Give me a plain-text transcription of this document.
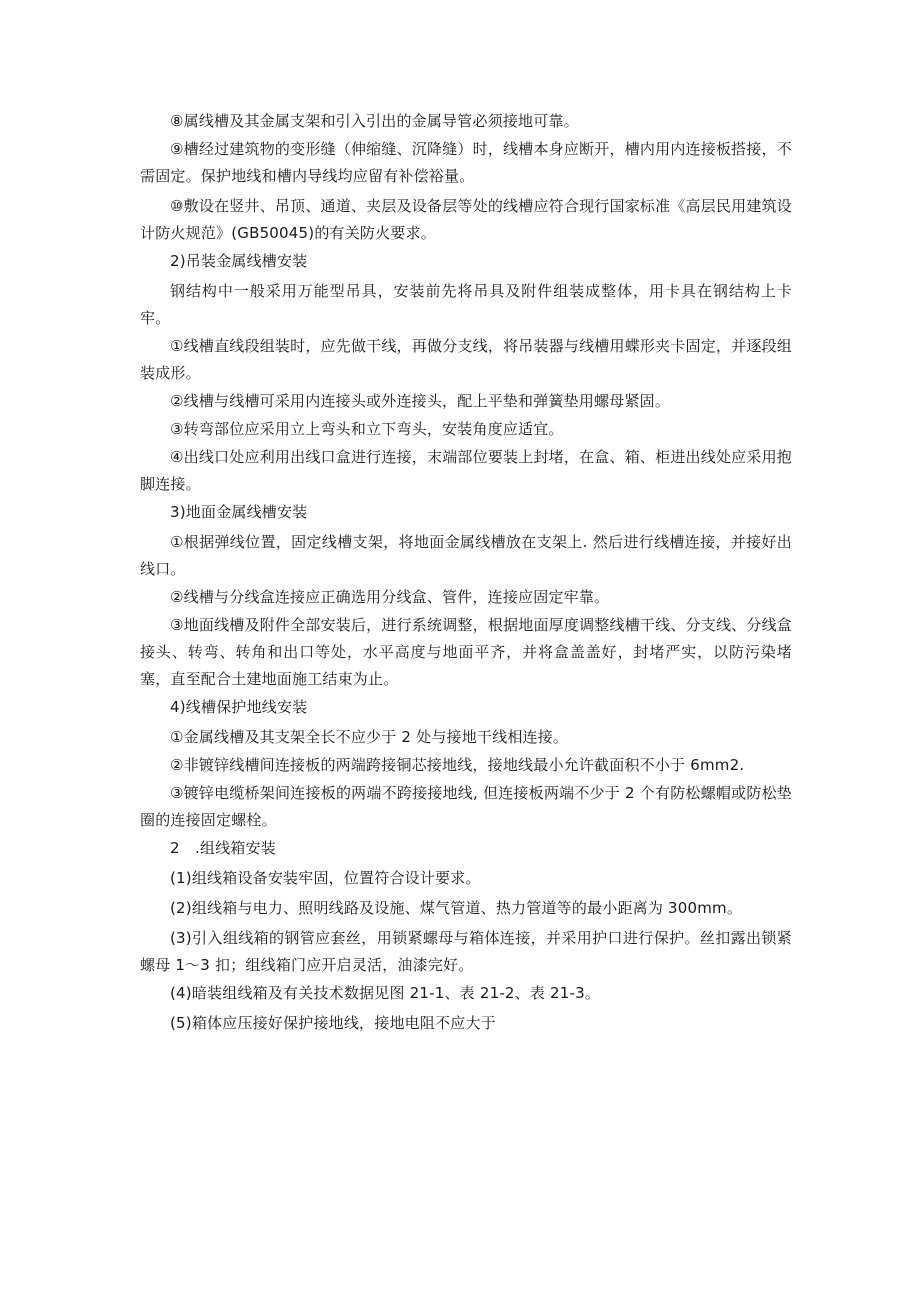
⑧属线槽及其金属支架和引入引出的金属导管必须接地可靠。

⑨槽经过建筑物的变形缝（伸缩缝、沉降缝）时，线槽本身应断开，槽内用内连接板搭接，不需固定。保护地线和槽内导线均应留有补偿裕量。

⑩敷设在竖井、吊顶、通道、夹层及设备层等处的线槽应符合现行国家标准《高层民用建筑设计防火规范》(GB50045)的有关防火要求。

2)吊装金属线槽安装

钢结构中一般采用万能型吊具，安装前先将吊具及附件组装成整体，用卡具在钢结构上卡牢。

①线槽直线段组装时，应先做干线，再做分支线，将吊装器与线槽用蝶形夹卡固定，并逐段组装成形。

②线槽与线槽可采用内连接头或外连接头，配上平垫和弹簧垫用螺母紧固。

③转弯部位应采用立上弯头和立下弯头，安装角度应适宜。

④出线口处应利用出线口盒进行连接，末端部位要装上封堵，在盒、箱、柜进出线处应采用抱脚连接。

3)地面金属线槽安装

①根据弹线位置，固定线槽支架，将地面金属线槽放在支架上. 然后进行线槽连接，并接好出线口。

②线槽与分线盒连接应正确选用分线盒、管件，连接应固定牢靠。

③地面线槽及附件全部安装后，进行系统调整，根据地面厚度调整线槽干线、分支线、分线盒接头、转弯、转角和出口等处，水平高度与地面平齐，并将盒盖盖好，封堵严实，以防污染堵塞，直至配合土建地面施工结束为止。

4)线槽保护地线安装

①金属线槽及其支架全长不应少于 2 处与接地干线相连接。

②非镀锌线槽间连接板的两端跨接铜芯接地线，接地线最小允许截面积不小于 6mm2.

③镀锌电缆桥架间连接板的两端不跨接接地线, 但连接板两端不少于 2 个有防松螺帽或防松垫圈的连接固定螺栓。

2　.组线箱安装

(1)组线箱设备安装牢固，位置符合设计要求。

(2)组线箱与电力、照明线路及设施、煤气管道、热力管道等的最小距离为 300mm。

(3)引入组线箱的钢管应套丝，用锁紧螺母与箱体连接，并采用护口进行保护。丝扣露出锁紧螺母 1～3 扣；组线箱门应开启灵活，油漆完好。

(4)暗装组线箱及有关技术数据见图 21-1、表 21-2、表 21-3。

(5)箱体应压接好保护接地线，接地电阻不应大于
